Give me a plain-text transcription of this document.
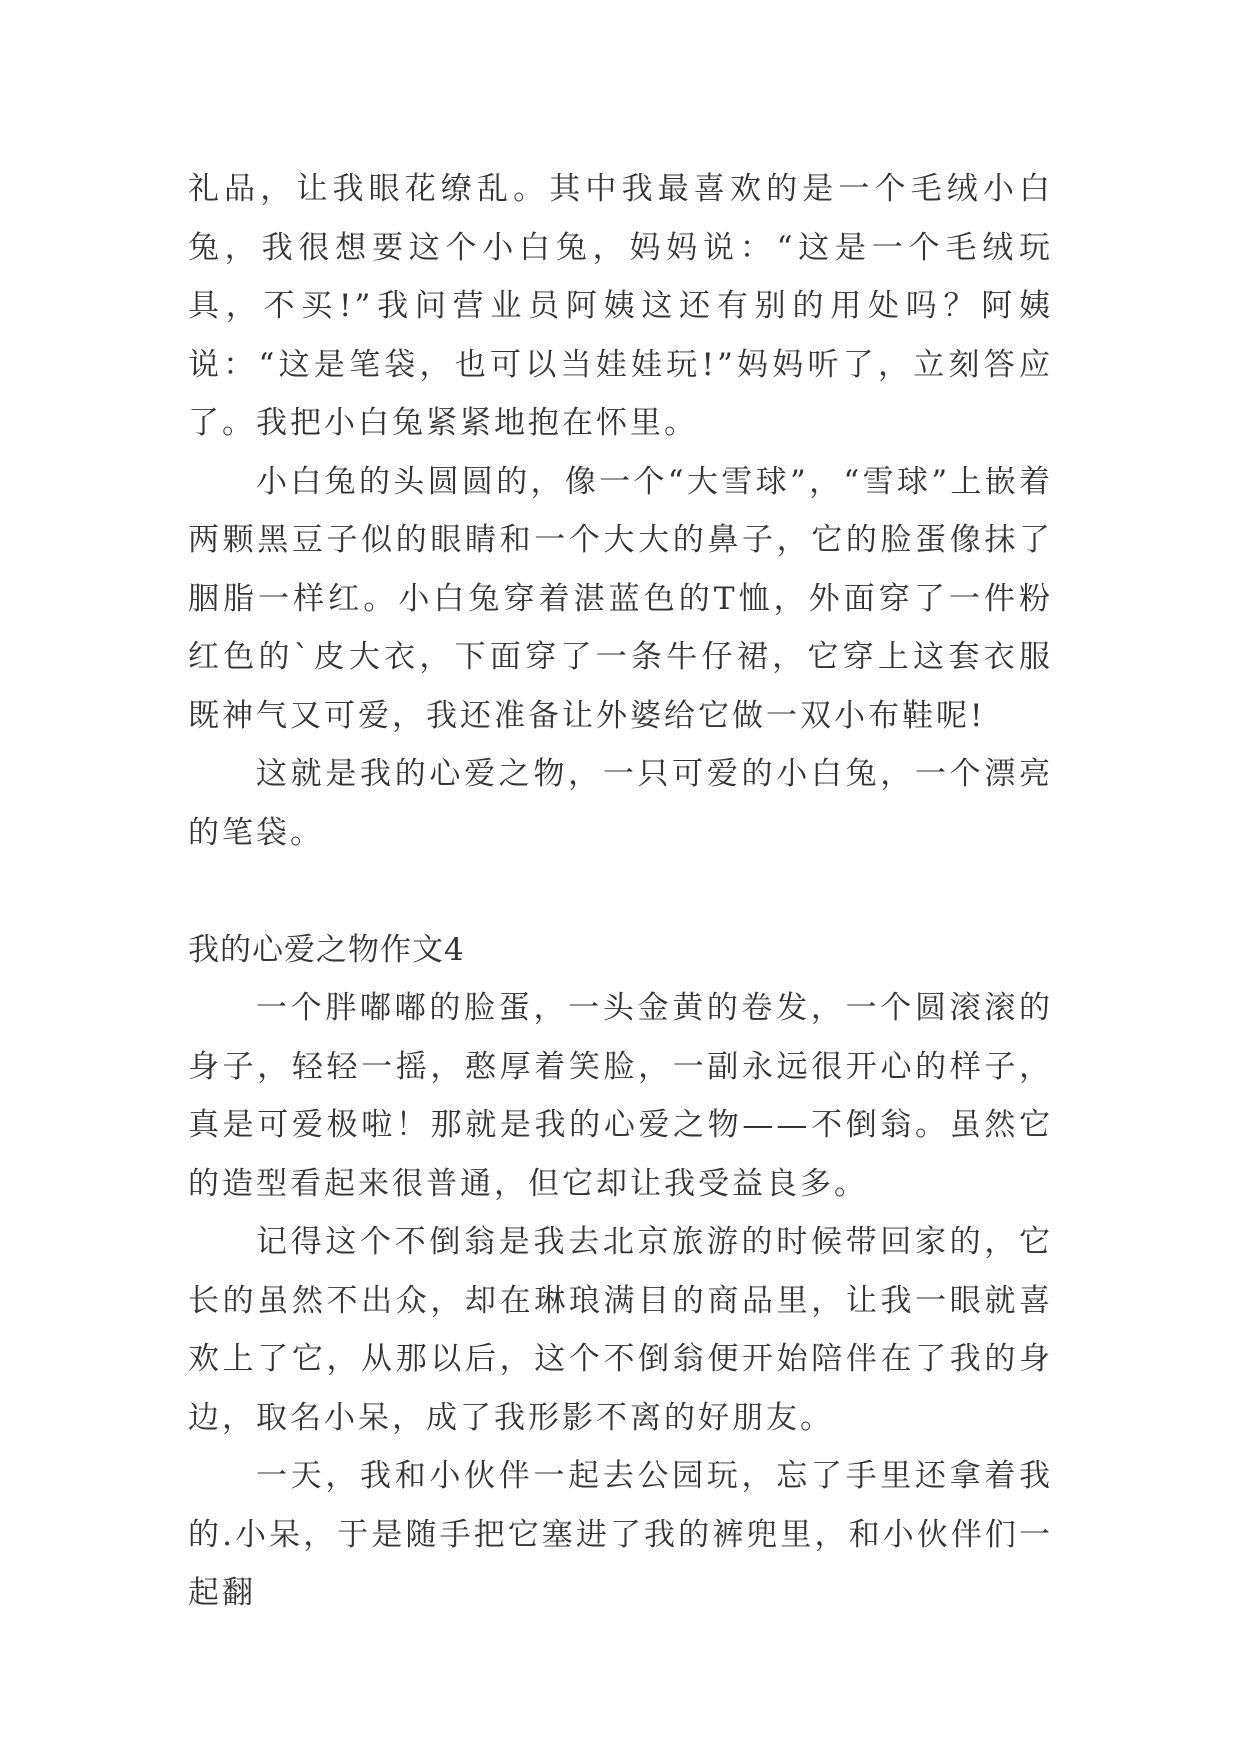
礼品，让我眼花缭乱。其中我最喜欢的是一个毛绒小白兔，我很想要这个小白兔，妈妈说：“这是一个毛绒玩具，不买!”我问营业员阿姨这还有别的用处吗？阿姨说：“这是笔袋，也可以当娃娃玩!”妈妈听了，立刻答应了。我把小白兔紧紧地抱在怀里。

小白兔的头圆圆的，像一个“大雪球”，“雪球”上嵌着两颗黑豆子似的眼睛和一个大大的鼻子，它的脸蛋像抹了胭脂一样红。小白兔穿着湛蓝色的T恤，外面穿了一件粉红色的`皮大衣，下面穿了一条牛仔裙，它穿上这套衣服既神气又可爱，我还准备让外婆给它做一双小布鞋呢!

这就是我的心爱之物，一只可爱的小白兔，一个漂亮的笔袋。

我的心爱之物作文4

一个胖嘟嘟的脸蛋，一头金黄的卷发，一个圆滚滚的身子，轻轻一摇，憨厚着笑脸，一副永远很开心的样子，真是可爱极啦！那就是我的心爱之物——不倒翁。虽然它的造型看起来很普通，但它却让我受益良多。

记得这个不倒翁是我去北京旅游的时候带回家的，它长的虽然不出众，却在琳琅满目的商品里，让我一眼就喜欢上了它，从那以后，这个不倒翁便开始陪伴在了我的身边，取名小呆，成了我形影不离的好朋友。

一天，我和小伙伴一起去公园玩，忘了手里还拿着我的.小呆，于是随手把它塞进了我的裤兜里，和小伙伴们一起翻
